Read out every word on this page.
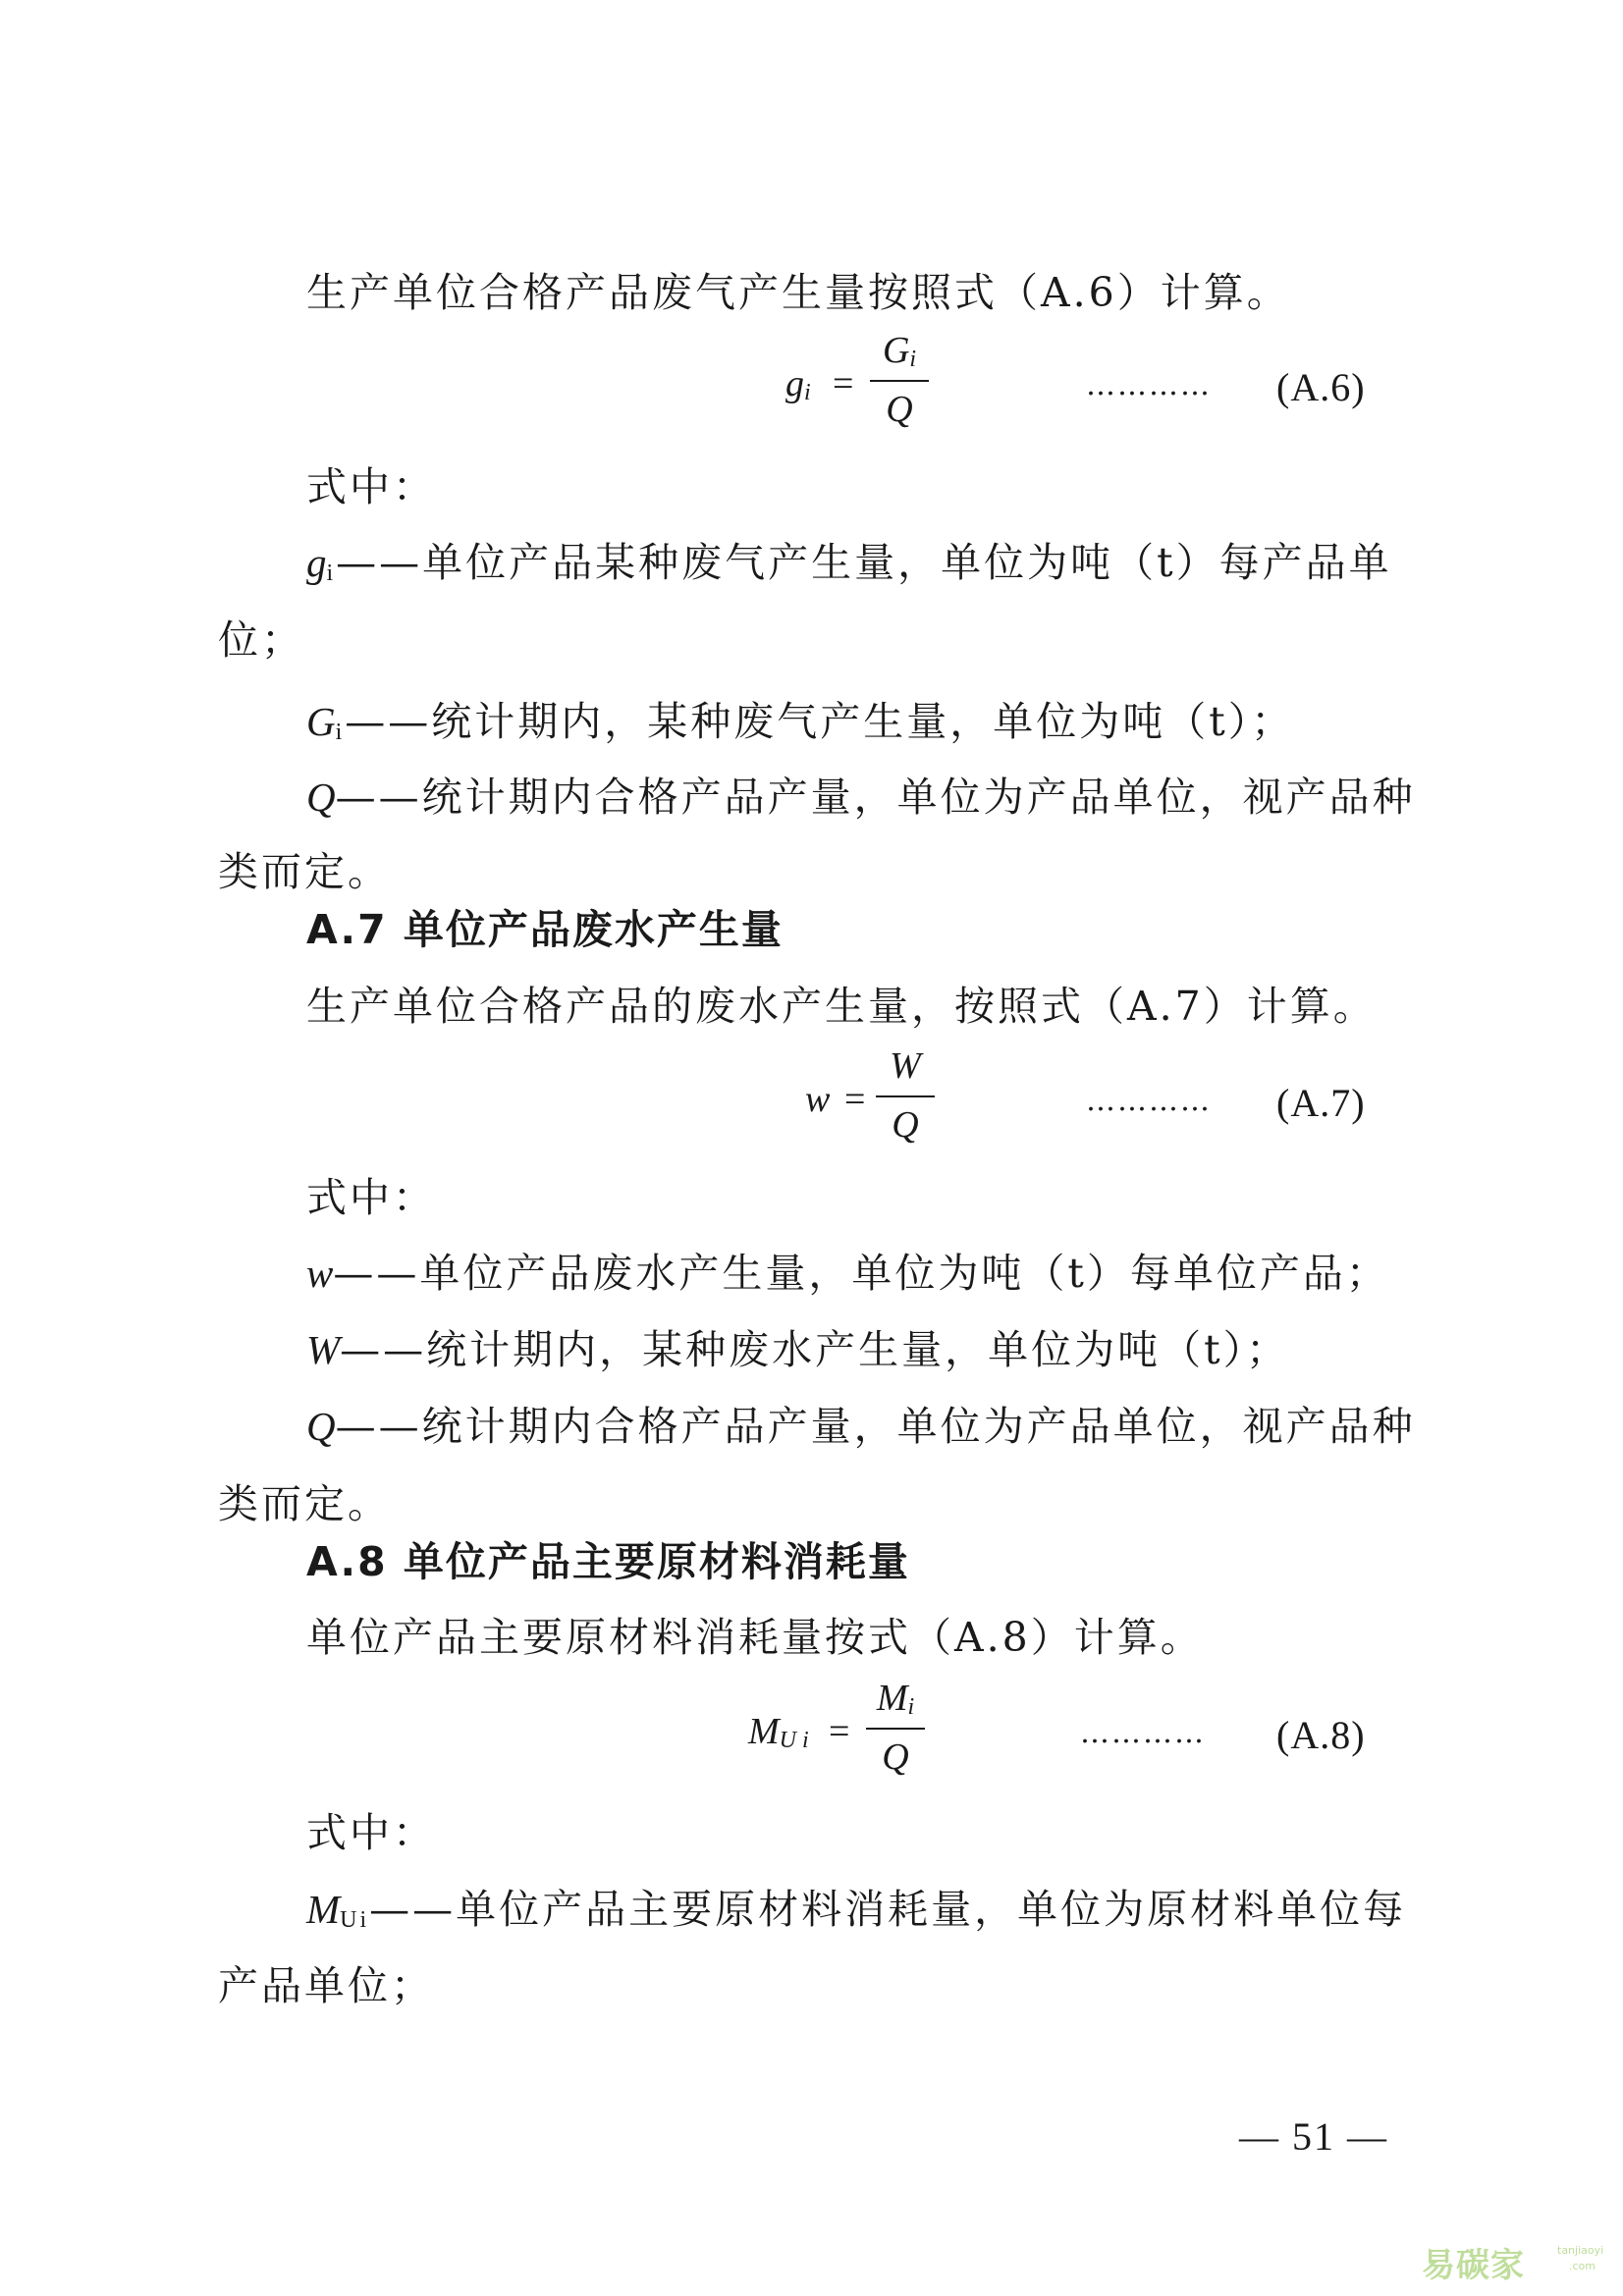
生产单位合格产品废气产生量按照式（A.6）计算。
gi =
Gi
Q
………… (A.6)
式中：
gi——单位产品某种废气产生量，单位为吨（t）每产品单
位；
Gi——统计期内，某种废气产生量，单位为吨（t）；
Q——统计期内合格产品产量，单位为产品单位，视产品种
类而定。
A.7 单位产品废水产生量
生产单位合格产品的废水产生量，按照式（A.7）计算。
w =
W
Q
………… (A.7)
式中：
w——单位产品废水产生量，单位为吨（t）每单位产品；
W——统计期内，某种废水产生量，单位为吨（t）；
Q——统计期内合格产品产量，单位为产品单位，视产品种
类而定。
A.8 单位产品主要原材料消耗量
单位产品主要原材料消耗量按式（A.8）计算。
MU i =
Mi
Q
………… (A.8)
式中：
MUi——单位产品主要原材料消耗量，单位为原材料单位每
产品单位；
— 51 —
易碳家	tanjiaoyi
.com
